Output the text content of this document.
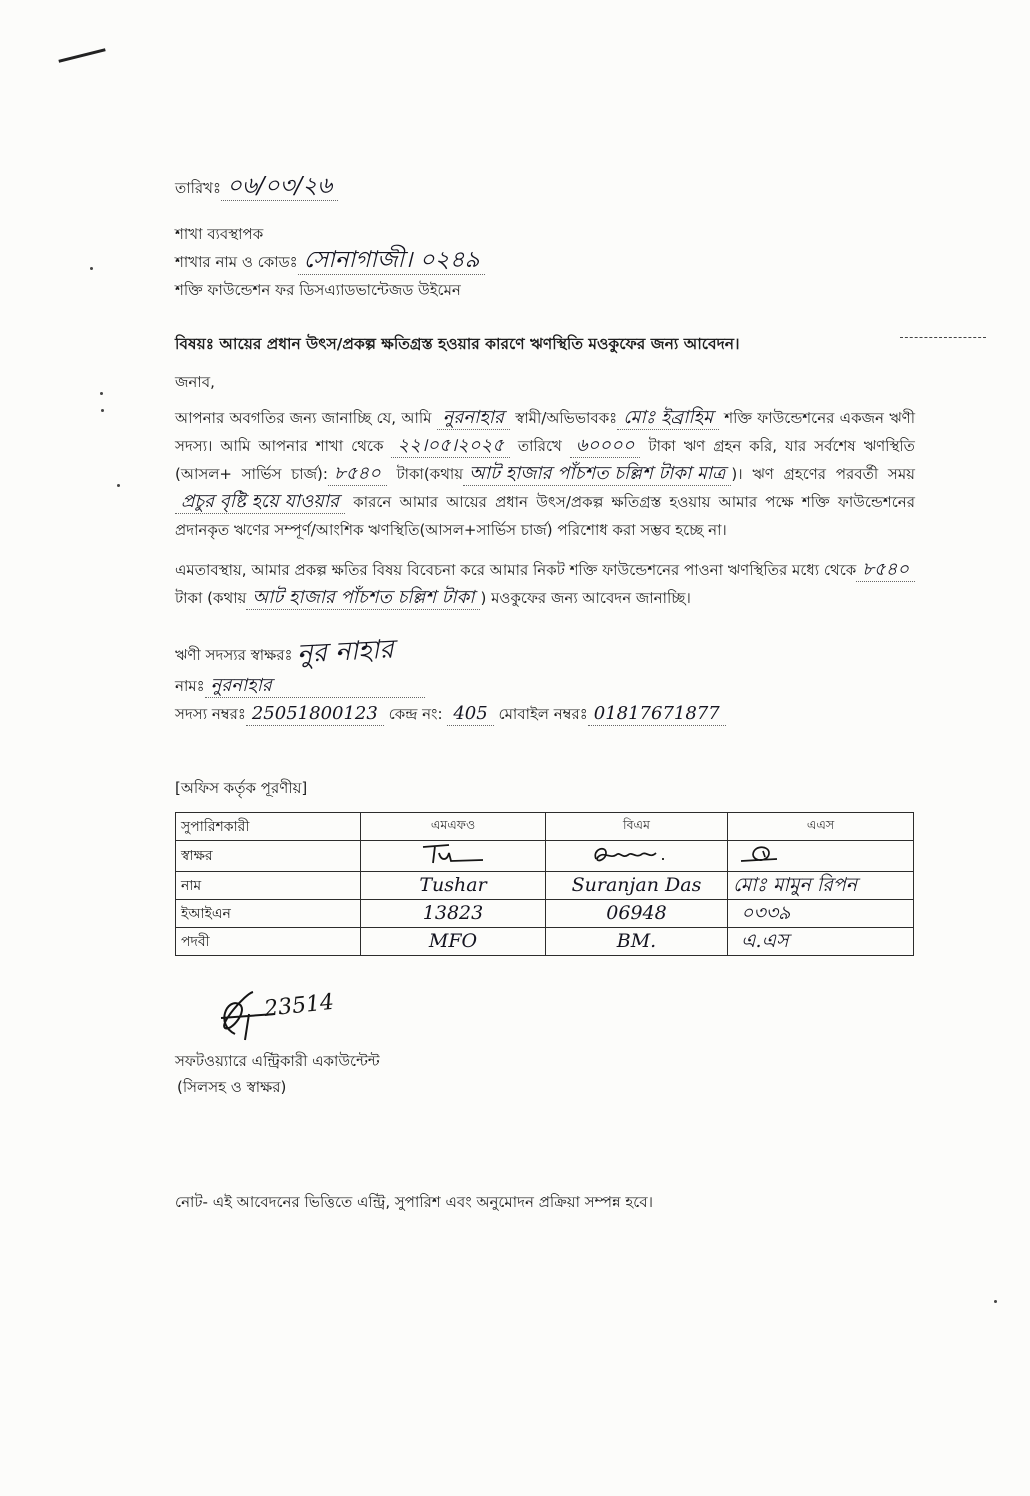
তারিখঃ ০৬/০৩/২৬
শাখা ব্যবস্থাপক
শাখার নাম ও কোডঃ সোনাগাজী। ০২৪৯
শক্তি ফাউন্ডেশন ফর ডিসএ্যাডভান্টেজড উইমেন
বিষয়ঃ আয়ের প্রধান উৎস/প্রকল্প ক্ষতিগ্রস্ত হওয়ার কারণে ঋণস্থিতি মওকুফের জন্য আবেদন।
জনাব,
আপনার অবগতির জন্য জানাচ্ছি যে, আমি নুরনাহার স্বামী/অভিভাবকঃ মোঃ ইব্রাহিম শক্তি ফাউন্ডেশনের একজন ঋণী সদস্য। আমি আপনার শাখা থেকে ২২।০৫।২০২৫ তারিখে ৬০০০০ টাকা ঋণ গ্রহন করি, যার সর্বশেষ ঋণস্থিতি (আসল+ সার্ভিস চার্জ): ৮৫৪০ টাকা(কথায় আট হাজার পাঁচশত চল্লিশ টাকা মাত্র )। ঋণ গ্রহণের পরবর্তী সময় প্রচুর বৃষ্টি হয়ে যাওয়ার কারনে আমার আয়ের প্রধান উৎস/প্রকল্প ক্ষতিগ্রস্ত হওয়ায় আমার পক্ষে শক্তি ফাউন্ডেশনের প্রদানকৃত ঋণের সম্পূর্ণ/আংশিক ঋণস্থিতি(আসল+সার্ভিস চার্জ) পরিশোধ করা সম্ভব হচ্ছে না।
এমতাবস্থায়, আমার প্রকল্প ক্ষতির বিষয় বিবেচনা করে আমার নিকট শক্তি ফাউন্ডেশনের পাওনা ঋণস্থিতির মধ্যে থেকে ৮৫৪০ টাকা (কথায় আট হাজার পাঁচশত চল্লিশ টাকা ) মওকুফের জন্য আবেদন জানাচ্ছি।
ঋণী সদস্যর স্বাক্ষরঃ নুর নাহার
নামঃ নুরনাহার
সদস্য নম্বরঃ 25051800123 কেন্দ্র নং: 405 মোবাইল নম্বরঃ 01817671877
[অফিস কর্তৃক পূরণীয়]
সুপারিশকারী	এমএফও	বিএম	এএস
স্বাক্ষর			
নাম	Tushar	Suranjan Das	মোঃ মামুন রিপন
ইআইএন	13823	06948	০৩৩৯
পদবী	MFO	BM.	এ.এস
23514
সফটওয়্যারে এন্ট্রিকারী একাউন্টেন্ট
(সিলসহ ও স্বাক্ষর)
নোট- এই আবেদনের ভিত্তিতে এন্ট্রি, সুপারিশ এবং অনুমোদন প্রক্রিয়া সম্পন্ন হবে।
